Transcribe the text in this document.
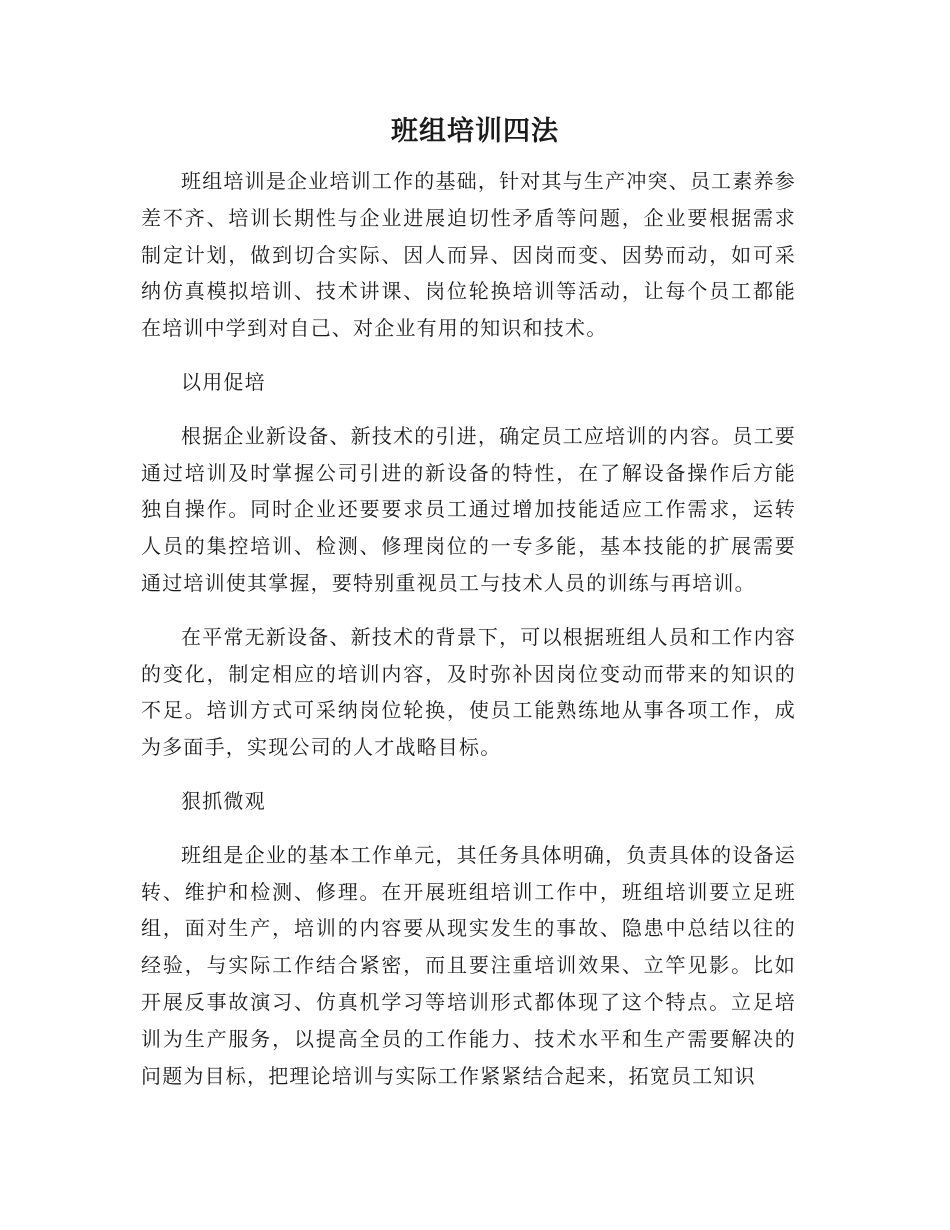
班组培训四法

班组培训是企业培训工作的基础，针对其与生产冲突、员工素养参差不齐、培训长期性与企业进展迫切性矛盾等问题，企业要根据需求制定计划，做到切合实际、因人而异、因岗而变、因势而动，如可采纳仿真模拟培训、技术讲课、岗位轮换培训等活动，让每个员工都能在培训中学到对自己、对企业有用的知识和技术。

以用促培

根据企业新设备、新技术的引进，确定员工应培训的内容。员工要通过培训及时掌握公司引进的新设备的特性，在了解设备操作后方能独自操作。同时企业还要要求员工通过增加技能适应工作需求，运转人员的集控培训、检测、修理岗位的一专多能，基本技能的扩展需要通过培训使其掌握，要特别重视员工与技术人员的训练与再培训。

在平常无新设备、新技术的背景下，可以根据班组人员和工作内容的变化，制定相应的培训内容，及时弥补因岗位变动而带来的知识的不足。培训方式可采纳岗位轮换，使员工能熟练地从事各项工作，成为多面手，实现公司的人才战略目标。

狠抓微观

班组是企业的基本工作单元，其任务具体明确，负责具体的设备运转、维护和检测、修理。在开展班组培训工作中，班组培训要立足班组，面对生产，培训的内容要从现实发生的事故、隐患中总结以往的经验，与实际工作结合紧密，而且要注重培训效果、立竿见影。比如开展反事故演习、仿真机学习等培训形式都体现了这个特点。立足培训为生产服务，以提高全员的工作能力、技术水平和生产需要解决的问题为目标，把理论培训与实际工作紧紧结合起来，拓宽员工知识
